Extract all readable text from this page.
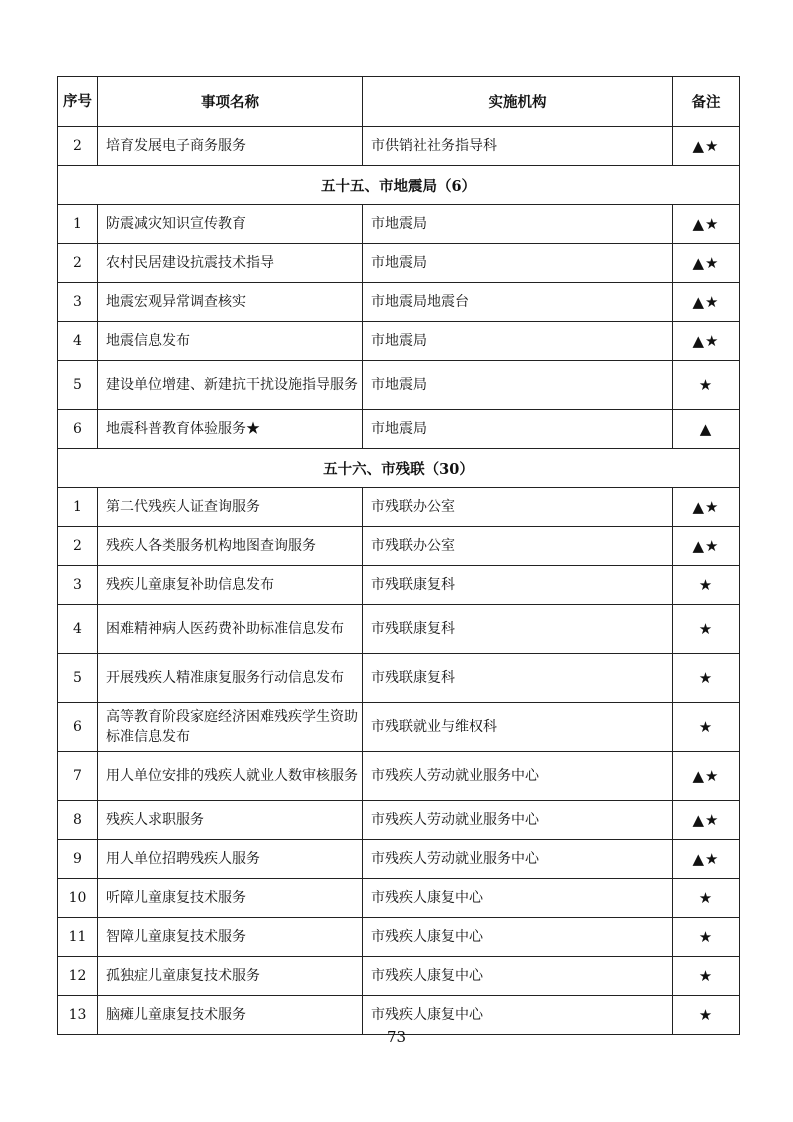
序号	事项名称	实施机构	备注
2	培育发展电子商务服务	市供销社社务指导科	▲★
五十五、市地震局（6）			
1	防震减灾知识宣传教育	市地震局	▲★
2	农村民居建设抗震技术指导	市地震局	▲★
3	地震宏观异常调查核实	市地震局地震台	▲★
4	地震信息发布	市地震局	▲★
5	建设单位增建、新建抗干扰设施指导服务	市地震局	★
6	地震科普教育体验服务★	市地震局	▲
五十六、市残联（30）			
1	第二代残疾人证查询服务	市残联办公室	▲★
2	残疾人各类服务机构地图查询服务	市残联办公室	▲★
3	残疾儿童康复补助信息发布	市残联康复科	★
4	困难精神病人医药费补助标准信息发布	市残联康复科	★
5	开展残疾人精准康复服务行动信息发布	市残联康复科	★
6	高等教育阶段家庭经济困难残疾学生资助标准信息发布	市残联就业与维权科	★
7	用人单位安排的残疾人就业人数审核服务	市残疾人劳动就业服务中心	▲★
8	残疾人求职服务	市残疾人劳动就业服务中心	▲★
9	用人单位招聘残疾人服务	市残疾人劳动就业服务中心	▲★
10	听障儿童康复技术服务	市残疾人康复中心	★
11	智障儿童康复技术服务	市残疾人康复中心	★
12	孤独症儿童康复技术服务	市残疾人康复中心	★
13	脑瘫儿童康复技术服务	市残疾人康复中心	★
73
